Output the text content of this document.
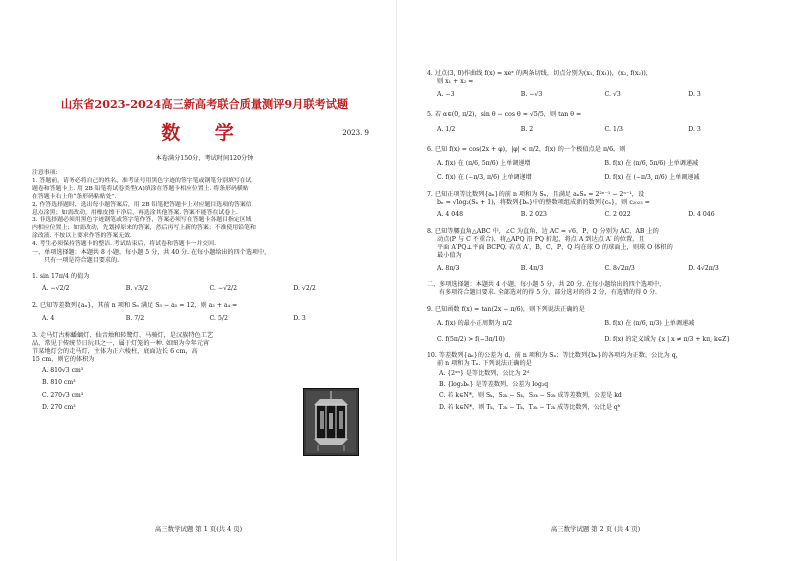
山东省2023-2024高三新高考联合质量测评9月联考试题
数 学	2023. 9
本卷满分150分，考试时间120分钟

注意事项:

1. 答题前，请务必将自己的姓名、准考证号用黑色字迹的签字笔或钢笔分别填写在试

题卷和答题卡上. 用 2B 铅笔将试卷类型(A)填涂在答题卡相应位置上. 将条形码横贴

在答题卡右上角“条形码粘贴处”.

2. 作答选择题时，选出每小题答案后，用 2B 铅笔把答题卡上对应题目选项的答案信

息点涂黑；如需改动，用橡皮擦干净后，再选涂其他答案. 答案不能答在试卷上.

3. 非选择题必须用黑色字迹钢笔或签字笔作答，答案必须写在答题卡各题目指定区域

内相应位置上；如需改动，先划掉原来的答案，然后再写上新的答案；不准使用铅笔和

涂改液. 不按以上要求作答的答案无效.

4. 考生必须保持答题卡的整洁. 考试结束后，将试卷和答题卡一并交回.

一、单项选择题：本题共 8 小题，每小题 5 分，共 40 分. 在每小题给出的四个选项中，

只有一项是符合题目要求的.

1. sin 17π/4 的值为

A. −√2/2	B. √3/2	C. −√2/2	D. √2/2

2. 已知等差数列{aₙ}，其前 n 项和 Sₙ 满足 S₅ − a₅ = 12，则 a₃ + a₄ =

A. 4	B. 7/2	C. 5/2	D. 3

3. 走马灯古称蟠螭灯、仙音烛和转鹭灯、马骑灯，是汉族特色工艺

品，常见于传统节日玩具之一，属于灯笼的一种. 如图为今年元宵

节某地灯会的走马灯，主体为正六棱柱，底面边长 6 cm，高

15 cm，则它的体积为

A. 810√3 cm³
B. 810 cm³
C. 270√3 cm³
D. 270 cm³
高三数学试题 第 1 页(共 4 页)

4. 过点(3, 0)作曲线 f(x) = xeˣ 的两条切线，切点分别为(x₁, f(x₁))，(x₂, f(x₂))，

则 x₁ + x₂ =

A. −3	B. −√3	C. √3	D. 3

5. 若 α∈(0, π/2)，sin θ − cos θ = √5/5，则 tan θ =

A. 1/2	B. 2	C. 1/3	D. 3

6. 已知 f(x) = cos(2x + φ)，|φ| < π/2，f(x) 的一个极值点是 π/6，则

A. f(x) 在 (π/6, 5π/6) 上单调递增	B. f(x) 在 (π/6, 5π/6) 上单调递减
C. f(x) 在 (−π/3, π/6) 上单调递增	D. f(x) 在 (−π/3, π/6) 上单调递减

7. 已知正项等比数列{aₙ}的前 n 项和为 Sₙ，且满足 aₙSₙ = 2²ⁿ⁻¹ − 2ⁿ⁻¹，设

bₙ = √log₂(Sₙ + 1)，将数列{bₙ}中的整数项组成新的数列{cₙ}，则 c₂₀₂₃ =

A. 4 048	B. 2 023	C. 2 022	D. 4 046

8. 已知等腰直角△ABC 中，∠C 为直角，边 AC = √6，P，Q 分别为 AC，AB 上的

动点(P 与 C 不重合)，将△APQ 沿 PQ 折起，将点 A 到达点 A′ 的位置，且

平面 A′PQ⊥平面 BCPQ. 若点 A′，B，C，P，Q 均在球 O 的球面上，则球 O 体积的

最小值为

A. 8π/3	B. 4π/3	C. 8√2π/3	D. 4√2π/3

二、多项选择题：本题共 4 小题，每小题 5 分，共 20 分. 在每小题给出的四个选项中，

有多项符合题目要求. 全部选对的得 5 分，部分选对的得 2 分，有选错的得 0 分.

9. 已知函数 f(x) = tan(2x − π/6)，则下列说法正确的是

A. f(x) 的最小正周期为 π/2	B. f(x) 在 (π/6, π/3) 上单调递减
C. f(5π/2) > f(−3π/10)	D. f(x) 的定义域为 {x | x ≠ π/3 + kπ, k∈Z}

10. 等差数列{aₙ}的公差为 d，前 n 项和为 Sₙ；等比数列{bₙ}的各项均为正数，公比为 q，

前 n 项和为 Tₙ. 下列说法正确的是

A. {2ᵃⁿ} 是等比数列，公比为 2ᵈ
B. {log₂bₙ} 是等差数列，公差为 log₂q
C. 若 k∈N*，则 Sₖ，S₂ₖ − Sₖ，S₃ₖ − S₂ₖ 成等差数列，公差是 kd
D. 若 k∈N*，则 Tₖ，T₂ₖ − Tₖ，T₃ₖ − T₂ₖ 成等比数列，公比是 qᵏ
高三数学试题 第 2 页 (共 4 页)
